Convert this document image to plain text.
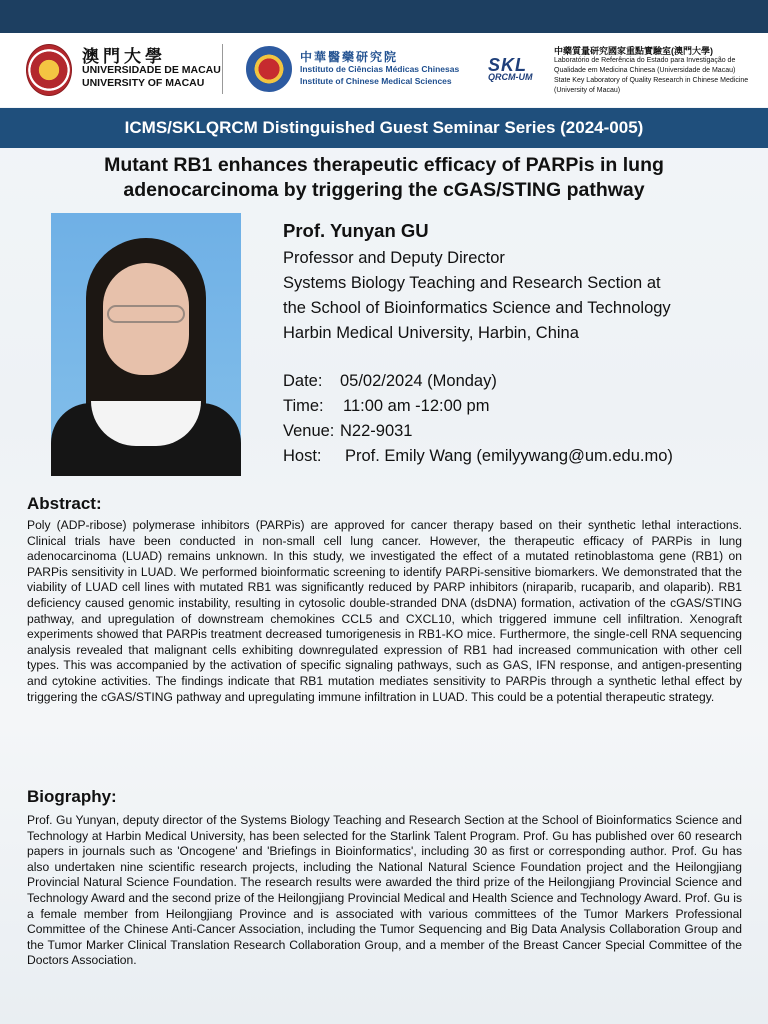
澳門大學
UNIVERSIDADE DE MACAU
UNIVERSITY OF MACAU
中華醫藥研究院
Instituto de Ciências Médicas Chinesas
Institute of Chinese Medical Sciences
SKL
QRCM-UM
中藥質量研究國家重點實驗室(澳門大學)
Laboratório de Referência do Estado para Investigação de
Qualidade em Medicina Chinesa (Universidade de Macau)
State Key Laboratory of Quality Research in Chinese Medicine
(University of Macau)
ICMS/SKLQRCM Distinguished Guest Seminar Series (2024-005)
Mutant RB1 enhances therapeutic efficacy of PARPis in lung
adenocarcinoma by triggering the cGAS/STING pathway
Prof. Yunyan GU
Professor and Deputy Director
Systems Biology Teaching and Research Section at
the School of Bioinformatics Science and Technology
Harbin Medical University, Harbin, China
Date: 05/02/2024 (Monday)
Time: 11:00 am -12:00 pm
Venue: N22-9031
Host: Prof. Emily Wang (emilyywang@um.edu.mo)
Abstract:
Poly (ADP-ribose) polymerase inhibitors (PARPis) are approved for cancer therapy based on their synthetic lethal interactions. Clinical trials have been conducted in non-small cell lung cancer. However, the therapeutic efficacy of PARPis in lung adenocarcinoma (LUAD) remains unknown. In this study, we investigated the effect of a mutated retinoblastoma gene (RB1) on PARPis sensitivity in LUAD. We performed bioinformatic screening to identify PARPi-sensitive biomarkers. We demonstrated that the viability of LUAD cell lines with mutated RB1 was significantly reduced by PARP inhibitors (niraparib, rucaparib, and olaparib). RB1 deficiency caused genomic instability, resulting in cytosolic double-stranded DNA (dsDNA) formation, activation of the cGAS/STING pathway, and upregulation of downstream chemokines CCL5 and CXCL10, which triggered immune cell infiltration. Xenograft experiments showed that PARPis treatment decreased tumorigenesis in RB1-KO mice. Furthermore, the single-cell RNA sequencing analysis revealed that malignant cells exhibiting downregulated expression of RB1 had increased communication with other cell types. This was accompanied by the activation of specific signaling pathways, such as GAS, IFN response, and antigen-presenting and cytokine activities. The findings indicate that RB1 mutation mediates sensitivity to PARPis through a synthetic lethal effect by triggering the cGAS/STING pathway and upregulating immune infiltration in LUAD. This could be a potential therapeutic strategy.
Biography:
Prof. Gu Yunyan, deputy director of the Systems Biology Teaching and Research Section at the School of Bioinformatics Science and Technology at Harbin Medical University, has been selected for the Starlink Talent Program. Prof. Gu has published over 60 research papers in journals such as 'Oncogene' and 'Briefings in Bioinformatics', including 30 as first or corresponding author. Prof. Gu has also undertaken nine scientific research projects, including the National Natural Science Foundation project and the Heilongjiang Provincial Natural Science Foundation. The research results were awarded the third prize of the Heilongjiang Provincial Science and Technology Award and the second prize of the Heilongjiang Provincial Medical and Health Science and Technology Award. Prof. Gu is a female member from Heilongjiang Province and is associated with various committees of the Tumor Markers Professional Committee of the Chinese Anti-Cancer Association, including the Tumor Sequencing and Big Data Analysis Collaboration Group and the Tumor Marker Clinical Translation Research Collaboration Group, and a member of the Breast Cancer Special Committee of the Doctors Association.
